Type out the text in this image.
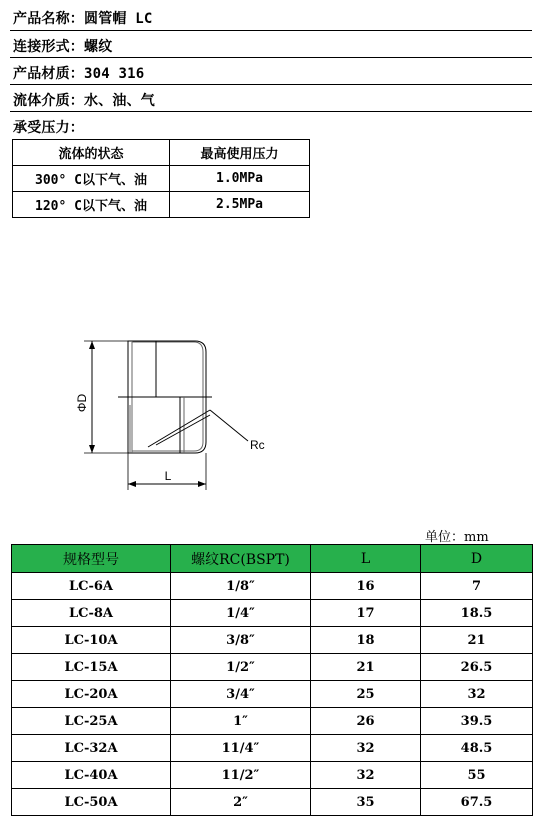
产品名称：圆管帽 LC
连接形式：螺纹
产品材质：304 316
流体介质：水、油、气
承受压力：
流体的状态	最高使用压力
300° C以下气、油	1.0MPa
120° C以下气、油	2.5MPa
ΦD
L
Rc
单位：mm
规格型号	螺纹RC(BSPT)	L	D
LC-6A	1/8″	16	7
LC-8A	1/4″	17	18.5
LC-10A	3/8″	18	21
LC-15A	1/2″	21	26.5
LC-20A	3/4″	25	32
LC-25A	1″	26	39.5
LC-32A	11/4″	32	48.5
LC-40A	11/2″	32	55
LC-50A	2″	35	67.5
